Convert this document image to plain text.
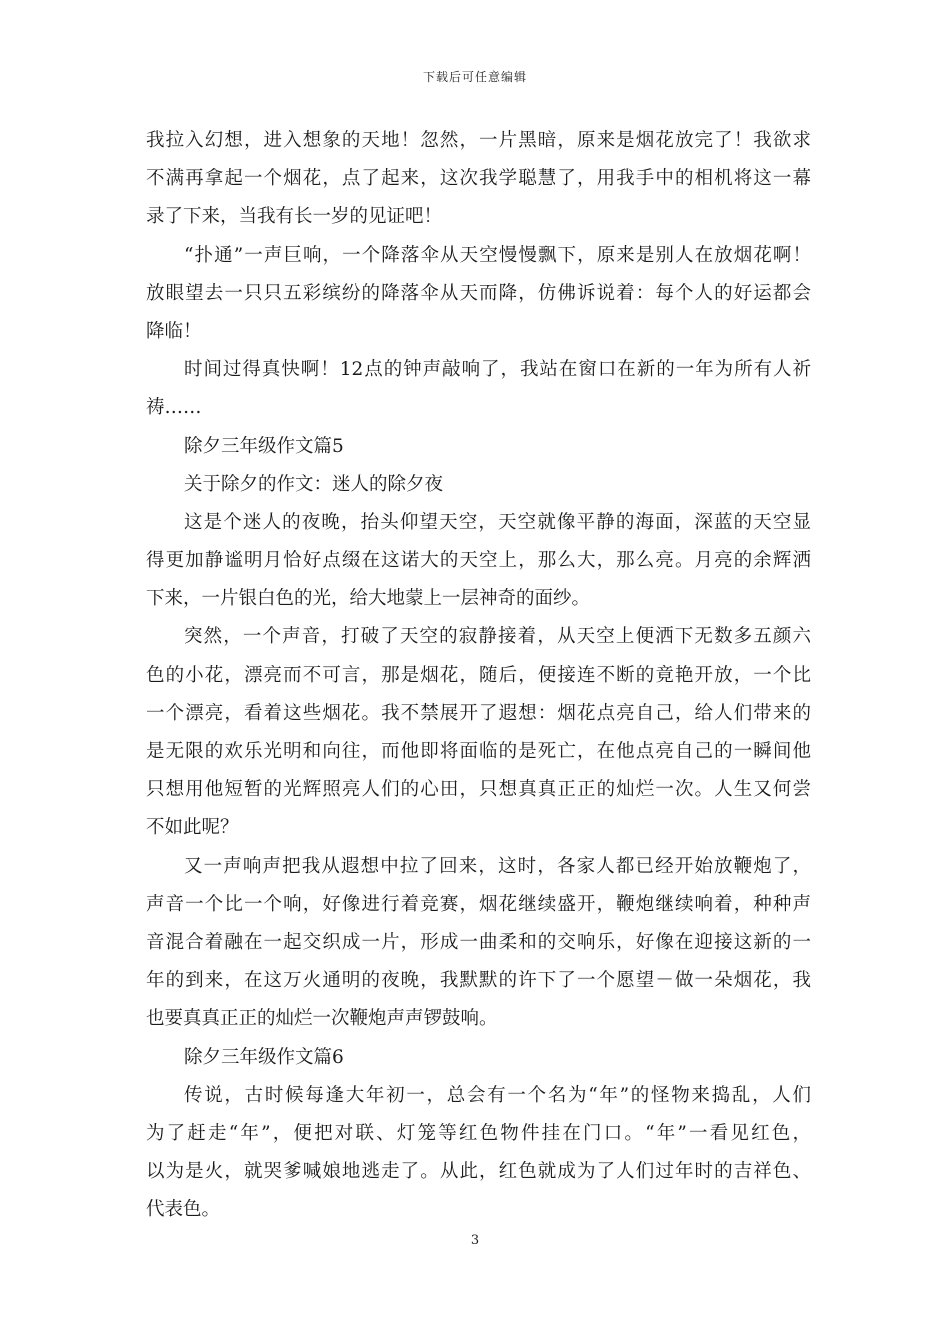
下载后可任意编辑
我拉入幻想，进入想象的天地！忽然，一片黑暗，原来是烟花放完了！我欲求
不满再拿起一个烟花，点了起来，这次我学聪慧了，用我手中的相机将这一幕
录了下来，当我有长一岁的见证吧！
“扑通”一声巨响，一个降落伞从天空慢慢飘下，原来是别人在放烟花啊！
放眼望去一只只五彩缤纷的降落伞从天而降，仿佛诉说着：每个人的好运都会
降临！
时间过得真快啊！12点的钟声敲响了，我站在窗口在新的一年为所有人祈
祷……
除夕三年级作文篇5
关于除夕的作文：迷人的除夕夜
这是个迷人的夜晚，抬头仰望天空，天空就像平静的海面，深蓝的天空显
得更加静谧明月恰好点缀在这诺大的天空上，那么大，那么亮。月亮的余辉洒
下来，一片银白色的光，给大地蒙上一层神奇的面纱。
突然，一个声音，打破了天空的寂静接着，从天空上便洒下无数多五颜六
色的小花，漂亮而不可言，那是烟花，随后，便接连不断的竟艳开放，一个比
一个漂亮，看着这些烟花。我不禁展开了遐想：烟花点亮自己，给人们带来的
是无限的欢乐光明和向往，而他即将面临的是死亡，在他点亮自己的一瞬间他
只想用他短暂的光辉照亮人们的心田，只想真真正正的灿烂一次。人生又何尝
不如此呢？
又一声响声把我从遐想中拉了回来，这时，各家人都已经开始放鞭炮了，
声音一个比一个响，好像进行着竞赛，烟花继续盛开，鞭炮继续响着，种种声
音混合着融在一起交织成一片，形成一曲柔和的交响乐，好像在迎接这新的一
年的到来，在这万火通明的夜晚，我默默的许下了一个愿望－做一朵烟花，我
也要真真正正的灿烂一次鞭炮声声锣鼓响。
除夕三年级作文篇6
传说，古时候每逢大年初一，总会有一个名为“年”的怪物来捣乱，人们
为了赶走“年”，便把对联、灯笼等红色物件挂在门口。“年”一看见红色，
以为是火，就哭爹喊娘地逃走了。从此，红色就成为了人们过年时的吉祥色、
代表色。
3
